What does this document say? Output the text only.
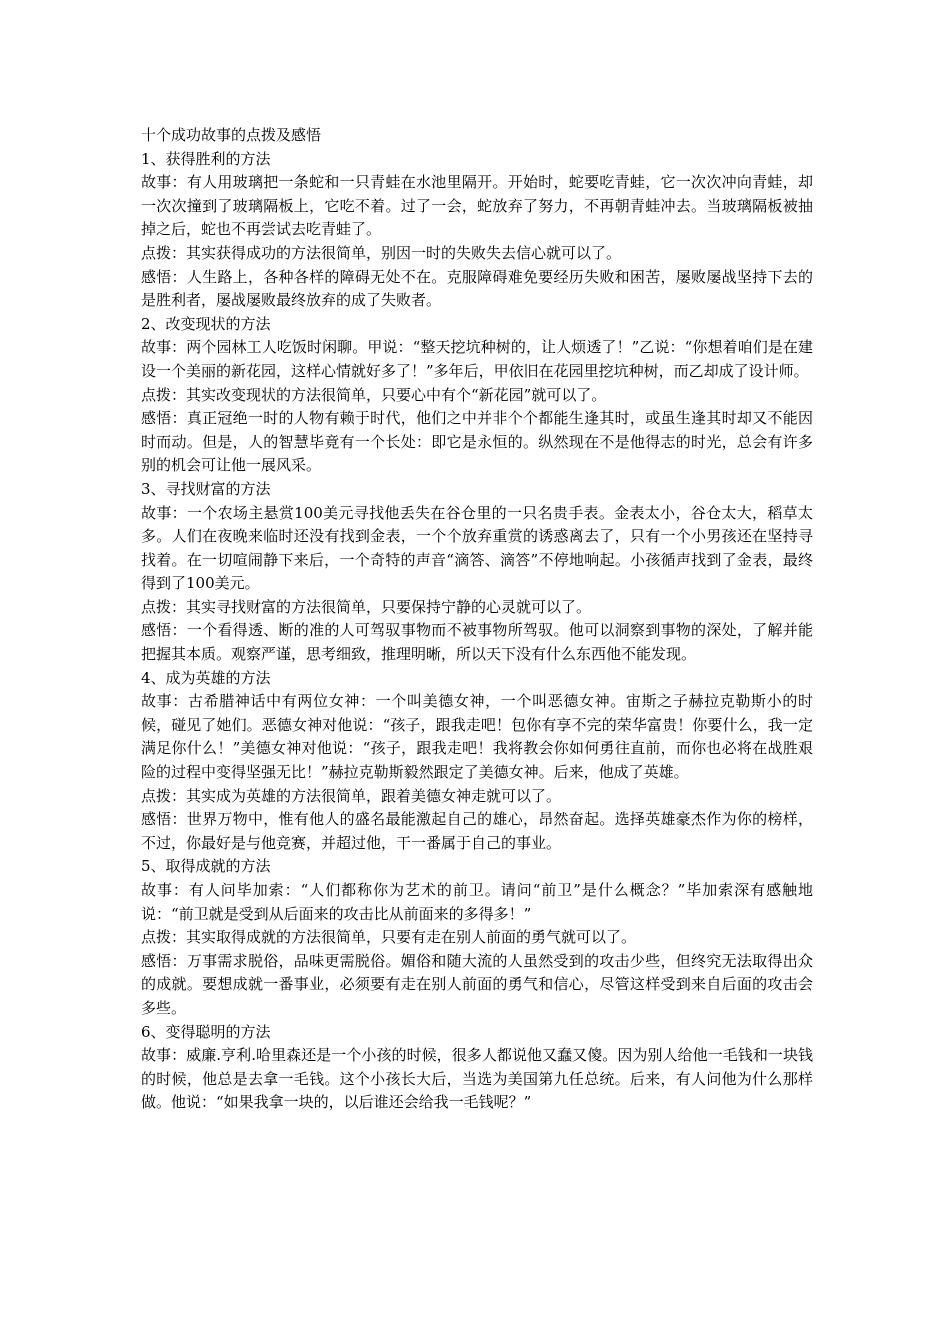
十个成功故事的点拨及感悟

1、获得胜利的方法

故事：有人用玻璃把一条蛇和一只青蛙在水池里隔开。开始时，蛇要吃青蛙，它一次次冲向青蛙，却一次次撞到了玻璃隔板上，它吃不着。过了一会，蛇放弃了努力，不再朝青蛙冲去。当玻璃隔板被抽掉之后，蛇也不再尝试去吃青蛙了。

点拨：其实获得成功的方法很简单，别因一时的失败失去信心就可以了。

感悟：人生路上，各种各样的障碍无处不在。克服障碍难免要经历失败和困苦，屡败屡战坚持下去的是胜利者，屡战屡败最终放弃的成了失败者。

2、改变现状的方法

故事：两个园林工人吃饭时闲聊。甲说：“整天挖坑种树的，让人烦透了！”乙说：“你想着咱们是在建设一个美丽的新花园，这样心情就好多了！”多年后，甲依旧在花园里挖坑种树，而乙却成了设计师。

点拨：其实改变现状的方法很简单，只要心中有个“新花园”就可以了。

感悟：真正冠绝一时的人物有赖于时代，他们之中并非个个都能生逢其时，或虽生逢其时却又不能因时而动。但是，人的智慧毕竟有一个长处：即它是永恒的。纵然现在不是他得志的时光，总会有许多别的机会可让他一展风采。

3、寻找财富的方法

故事：一个农场主悬赏100美元寻找他丢失在谷仓里的一只名贵手表。金表太小，谷仓太大，稻草太多。人们在夜晚来临时还没有找到金表，一个个放弃重赏的诱惑离去了，只有一个小男孩还在坚持寻找着。在一切喧闹静下来后，一个奇特的声音“滴答、滴答”不停地响起。小孩循声找到了金表，最终得到了100美元。

点拨：其实寻找财富的方法很简单，只要保持宁静的心灵就可以了。

感悟：一个看得透、断的准的人可驾驭事物而不被事物所驾驭。他可以洞察到事物的深处，了解并能把握其本质。观察严谨，思考细致，推理明晰，所以天下没有什么东西他不能发现。

4、成为英雄的方法

故事：古希腊神话中有两位女神：一个叫美德女神，一个叫恶德女神。宙斯之子赫拉克勒斯小的时候，碰见了她们。恶德女神对他说：“孩子，跟我走吧！包你有享不完的荣华富贵！你要什么，我一定满足你什么！”美德女神对他说：“孩子，跟我走吧！我将教会你如何勇往直前，而你也必将在战胜艰险的过程中变得坚强无比！”赫拉克勒斯毅然跟定了美德女神。后来，他成了英雄。

点拨：其实成为英雄的方法很简单，跟着美德女神走就可以了。

感悟：世界万物中，惟有他人的盛名最能激起自己的雄心，昂然奋起。选择英雄豪杰作为你的榜样，不过，你最好是与他竞赛，并超过他，干一番属于自己的事业。

5、取得成就的方法

故事：有人问毕加索：“人们都称你为艺术的前卫。请问“前卫”是什么概念？”毕加索深有感触地说：“前卫就是受到从后面来的攻击比从前面来的多得多！”

点拨：其实取得成就的方法很简单，只要有走在别人前面的勇气就可以了。

感悟：万事需求脱俗，品味更需脱俗。媚俗和随大流的人虽然受到的攻击少些，但终究无法取得出众的成就。要想成就一番事业，必须要有走在别人前面的勇气和信心，尽管这样受到来自后面的攻击会多些。

6、变得聪明的方法

故事：威廉.亨利.哈里森还是一个小孩的时候，很多人都说他又蠢又傻。因为别人给他一毛钱和一块钱的时候，他总是去拿一毛钱。这个小孩长大后，当选为美国第九任总统。后来，有人问他为什么那样做。他说：“如果我拿一块的，以后谁还会给我一毛钱呢？”
